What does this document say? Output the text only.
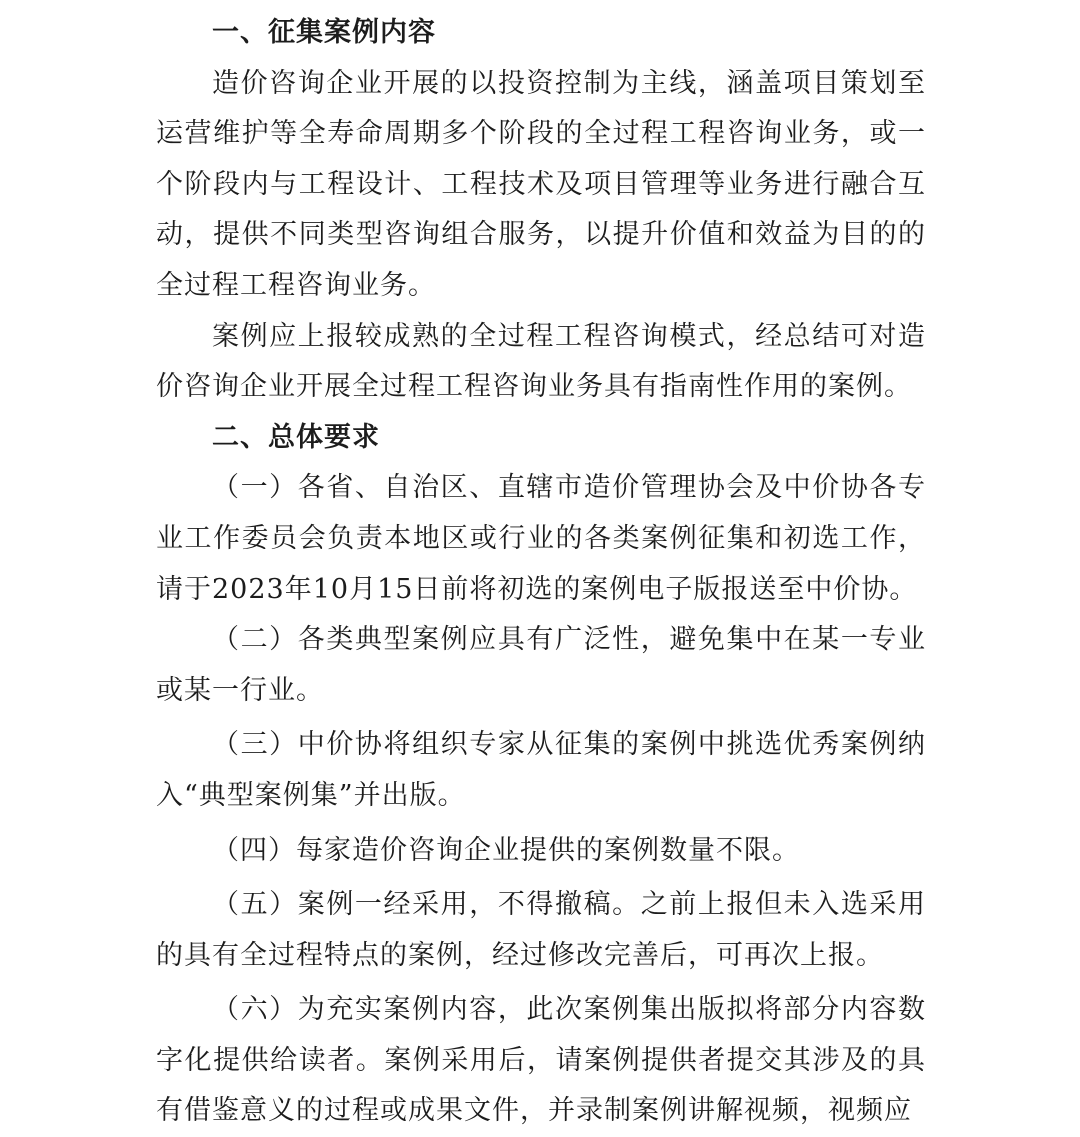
一、征集案例内容

造价咨询企业开展的以投资控制为主线，涵盖项目策划至运营维护等全寿命周期多个阶段的全过程工程咨询业务，或一个阶段内与工程设计、工程技术及项目管理等业务进行融合互动，提供不同类型咨询组合服务，以提升价值和效益为目的的全过程工程咨询业务。

案例应上报较成熟的全过程工程咨询模式，经总结可对造价咨询企业开展全过程工程咨询业务具有指南性作用的案例。

二、总体要求

（一）各省、自治区、直辖市造价管理协会及中价协各专业工作委员会负责本地区或行业的各类案例征集和初选工作，请于2023年10月15日前将初选的案例电子版报送至中价协。

（二）各类典型案例应具有广泛性，避免集中在某一专业或某一行业。

（三）中价协将组织专家从征集的案例中挑选优秀案例纳入“典型案例集”并出版。

（四）每家造价咨询企业提供的案例数量不限。

（五）案例一经采用，不得撤稿。之前上报但未入选采用的具有全过程特点的案例，经过修改完善后，可再次上报。

（六）为充实案例内容，此次案例集出版拟将部分内容数字化提供给读者。案例采用后，请案例提供者提交其涉及的具有借鉴意义的过程或成果文件，并录制案例讲解视频，视频应
